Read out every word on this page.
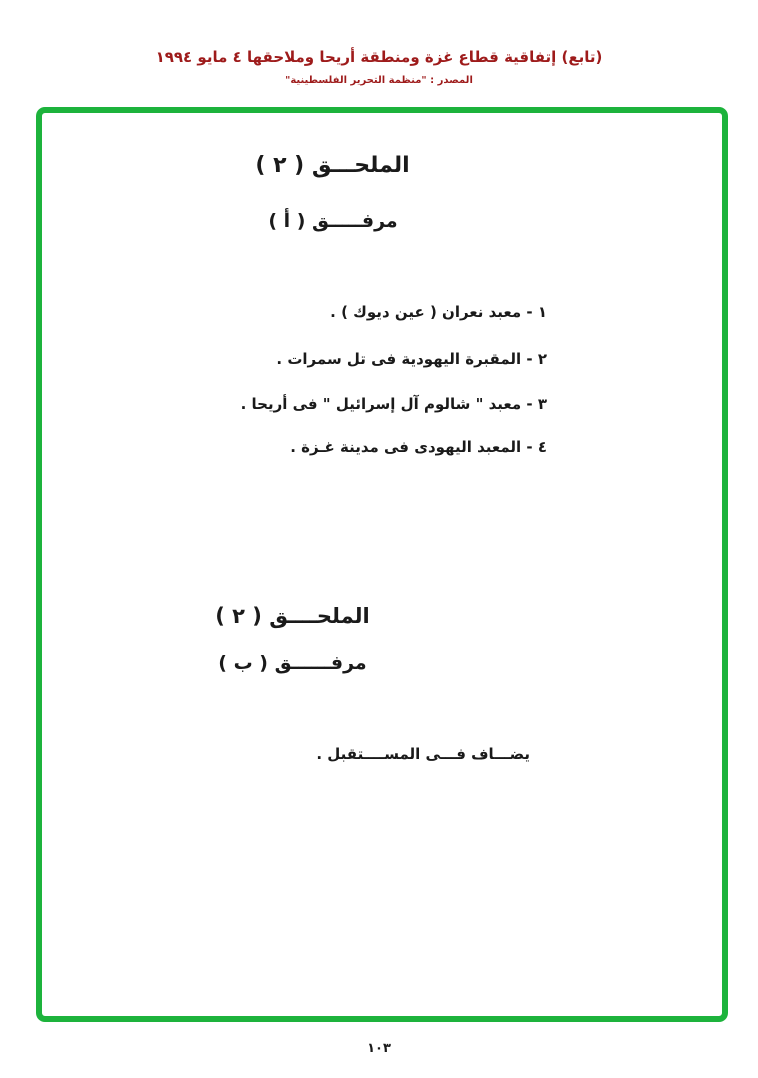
(تابع) إتفاقية قطاع غزة ومنطقة أريحا وملاحقها ٤ مايو ١٩٩٤
المصدر : "منظمة التحرير الفلسطينية"
الملحـــق ( ٢ )
مرفـــــق ( أ )
١ - معبد نعران ( عين ديوك ) .
٢ - المقبرة اليهودية فى تل سمرات .
٣ - معبد " شالوم آل إسرائيل " فى أريحا .
٤ - المعبد اليهودى فى مدينة غـزة .
الملحــــق ( ٢ )
مرفــــــق ( ب )
يضـــاف فـــى المســــتقبل .
١٠٣
